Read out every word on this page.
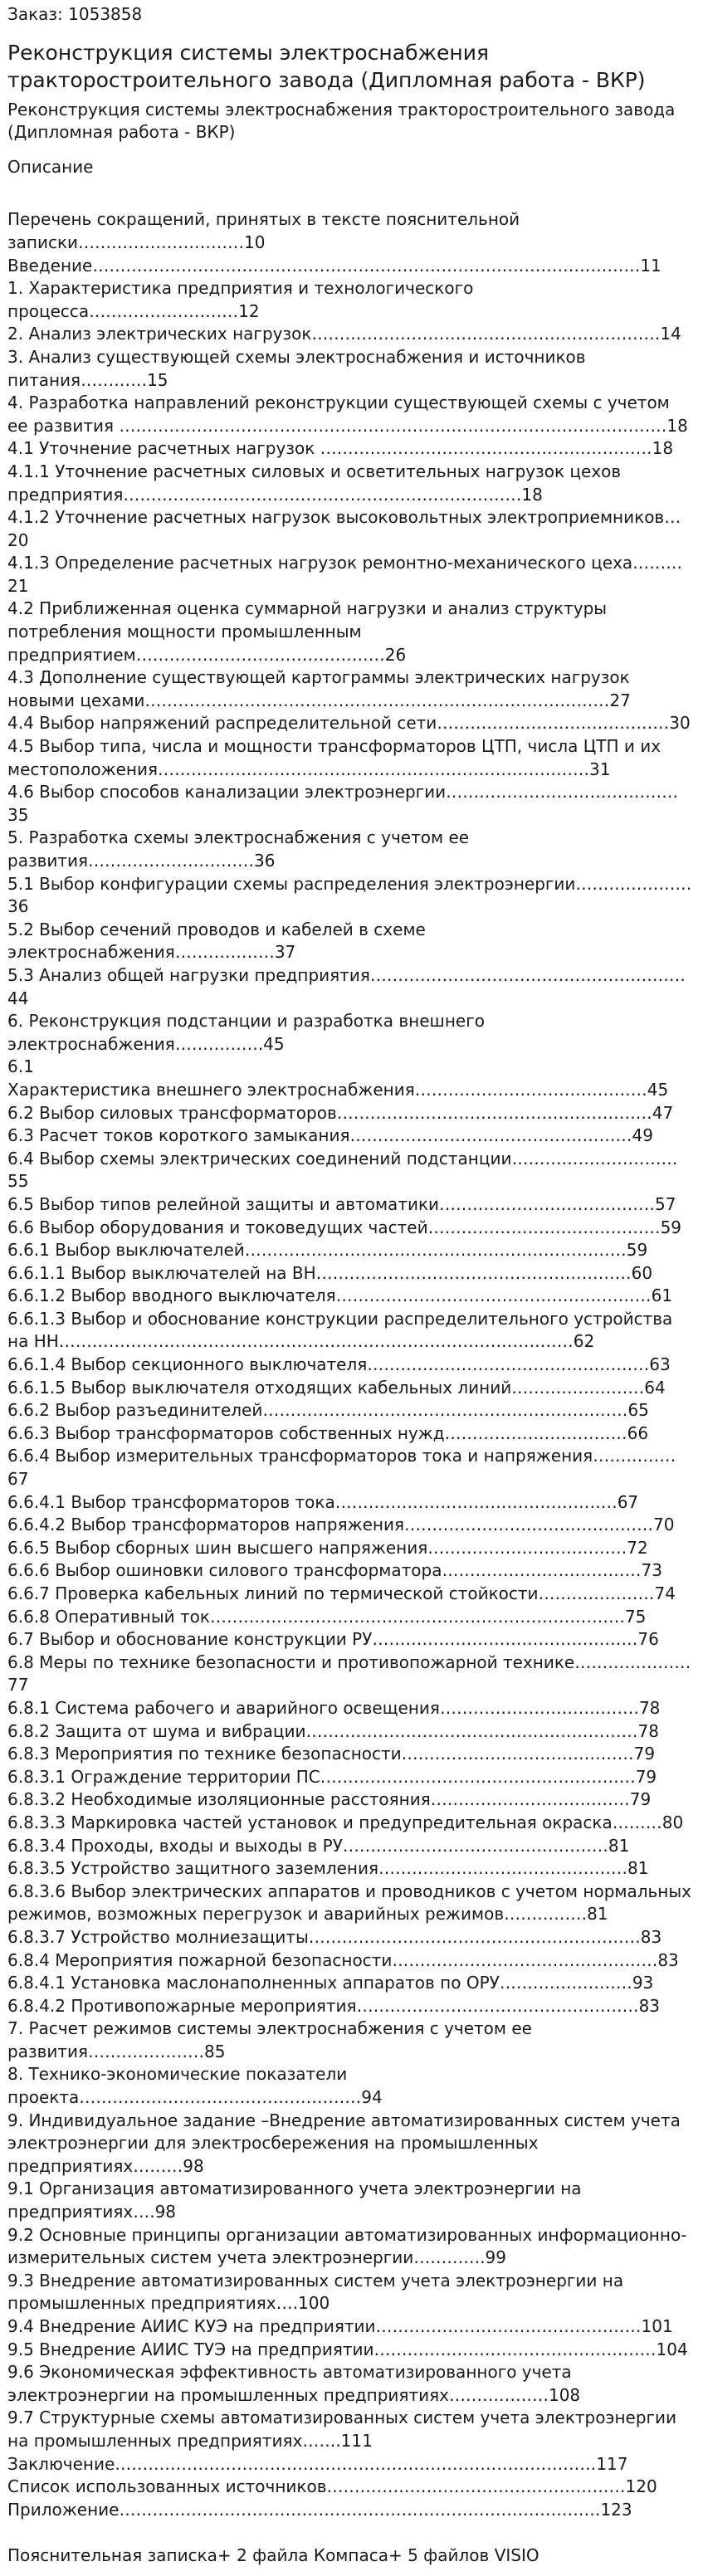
Заказ: 1053858
Реконструкция системы электроснабжения тракторостроительного завода (Дипломная работа - ВКР)
Реконструкция системы электроснабжения тракторостроительного завода (Дипломная работа - ВКР)
Описание

Перечень сокращений, принятых в тексте пояснительной записки…………………………10

Введение………………………………………………………………………………………11

1. Характеристика предприятия и технологического процесса………………………12

2. Анализ электрических нагрузок………………………………………………………14

3. Анализ существующей схемы электроснабжения и источников питания…………15

4. Разработка направлений реконструкции существующей схемы с учетом ее развития ………………………………………………………………………………………18

4.1 Уточнение расчетных нагрузок ……………………………………………………18

4.1.1 Уточнение расчетных силовых и осветительных нагрузок цехов предприятия………………………………………………………………18

4.1.2 Уточнение расчетных нагрузок высоковольтных электроприемников…20

4.1.3 Определение расчетных нагрузок ремонтно-механического цеха………21

4.2 Приближенная оценка суммарной нагрузки и анализ структуры потребления мощности промышленным предприятием………………………………………26

4.3 Дополнение существующей картограммы электрических нагрузок новыми цехами…………………………………………………………………………27

4.4 Выбор напряжений распределительной сети……………………………………30

4.5 Выбор типа, числа и мощности трансформаторов ЦТП, числа ЦТП и их местоположения……………………………………………………………………31

4.6 Выбор способов канализации электроэнергии……………………………………35

5. Разработка схемы электроснабжения с учетом ее развития…………………………36

5.1 Выбор конфигурации схемы распределения электроэнергии…………………36

5.2 Выбор сечений проводов и кабелей в схеме электроснабжения………………37

5.3 Анализ общей нагрузки предприятия…………………………………………………44

6. Реконструкция подстанции и разработка внешнего электроснабжения…………….45

6.1

Характеристика внешнего электроснабжения……………………………………45

6.2 Выбор силовых трансформаторов…………………………………………………47

6.3 Расчет токов короткого замыкания……………………………………………49

6.4 Выбор схемы электрических соединений подстанции…………………………55

6.5 Выбор типов релейной защиты и автоматики…………………………………57

6.6 Выбор оборудования и токоведущих частей……………………………………59

6.6.1 Выбор выключателей……………………………………………………………59

6.6.1.1 Выбор выключателей на ВН…………………………………………………60

6.6.1.2 Выбор вводного выключателя…………………………………………………61

6.6.1.3 Выбор и обоснование конструкции распределительного устройства на НН…………………………………………………………………………………62

6.6.1.4 Выбор секционного выключателя……………………………………………63

6.6.1.5 Выбор выключателя отходящих кабельных линий……………………64

6.6.2 Выбор разъединителей…………………………………………………………65

6.6.3 Выбор трансформаторов собственных нужд……………………………66

6.6.4 Выбор измерительных трансформаторов тока и напряжения……………67

6.6.4.1 Выбор трансформаторов тока……………………………………………67

6.6.4.2 Выбор трансформаторов напряжения………………………………………70

6.6.5 Выбор сборных шин высшего напряжения………………………………72

6.6.6 Выбор ошиновки силового трансформатора………………………………73

6.6.7 Проверка кабельных линий по термической стойкости…………………74

6.6.8 Оперативный ток…………………………………………………………………75

6.7 Выбор и обоснование конструкции РУ…………………………………………76

6.8 Меры по технике безопасности и противопожарной технике…………………77

6.8.1 Система рабочего и аварийного освещения………………………………78

6.8.2 Защита от шума и вибрации……………………………………………………78

6.8.3 Мероприятия по технике безопасности……………………………………79

6.8.3.1 Ограждение территории ПС…………………………………………………79

6.8.3.2 Необходимые изоляционные расстояния………………………………79

6.8.3.3 Маркировка частей установок и предупредительная окраска………80

6.8.3.4 Проходы, входы и выходы в РУ…………………………………………81

6.8.3.5 Устройство защитного заземления………………………………………81

6.8.3.6 Выбор электрических аппаратов и проводников с учетом нормальных режимов, возможных перегрузок и аварийных режимов……………81

6.8.3.7 Устройство молниезащиты……………………………………………………83

6.8.4 Мероприятия пожарной безопасности…………………………………………83

6.8.4.1 Установка маслонаполненных аппаратов по ОРУ……………………93

6.8.4.2 Противопожарные мероприятия……………………………………………83

7. Расчет режимов системы электроснабжения с учетом ее развития…………………85

8. Технико-экономические показатели проекта……………………………………………94

9. Индивидуальное задание –Внедрение автоматизированных систем учета электроэнергии для электросбережения на промышленных предприятиях………98

9.1 Организация автоматизированного учета электроэнергии на предприятиях….98

9.2 Основные принципы организации автоматизированных информационно-измерительных систем учета электроэнергии………….99

9.3 Внедрение автоматизированных систем учета электроэнергии на промышленных предприятиях….100

9.4 Внедрение АИИС КУЭ на предприятии…………………………………………101

9.5 Внедрение АИИС ТУЭ на предприятии……………………………………………104

9.6 Экономическая эффективность автоматизированного учета электроэнергии на промышленных предприятиях………………108

9.7 Структурные схемы автоматизированных систем учета электроэнергии на промышленных предприятиях…….111

Заключение……………………………………………………………………………117

Список использованных источников………………………………………………120

Приложение……………………………………………………………………………123

Пояснительная записка+ 2 файла Компаса+ 5 файлов VISIO
